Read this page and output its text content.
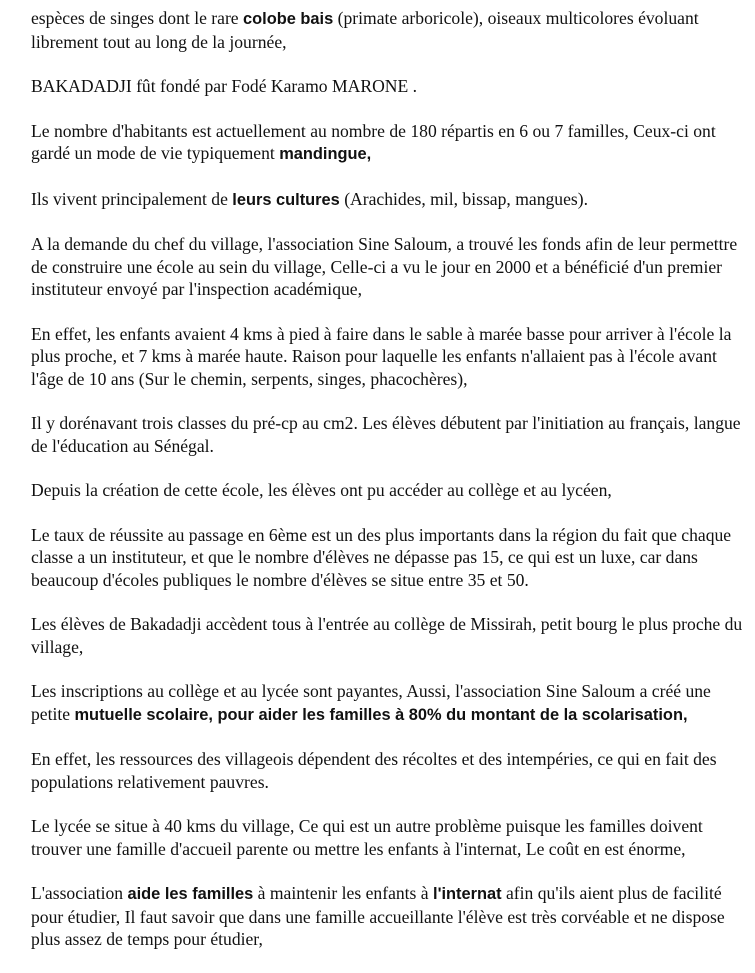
espèces de singes dont le rare colobe bais (primate arboricole), oiseaux multicolores évoluant librement tout au long de la journée,

BAKADADJI fût fondé par Fodé Karamo MARONE .

Le nombre d'habitants est actuellement au nombre de 180 répartis en 6 ou 7 familles, Ceux-ci ont gardé un mode de vie typiquement mandingue,

Ils vivent principalement de leurs cultures (Arachides, mil, bissap, mangues).

A la demande du chef du village, l'association Sine Saloum, a trouvé les fonds afin de leur permettre de construire une école au sein du village, Celle-ci a vu le jour en 2000 et a bénéficié d'un premier instituteur envoyé par l'inspection académique,

En effet, les enfants avaient 4 kms à pied à faire dans le sable à marée basse pour arriver à l'école la plus proche, et 7 kms à marée haute. Raison pour laquelle les enfants n'allaient pas à l'école avant l'âge de 10 ans (Sur le chemin, serpents, singes, phacochères),

Il y dorénavant trois classes du pré-cp au cm2. Les élèves débutent par l'initiation au français, langue de l'éducation au Sénégal.

Depuis la création de cette école, les élèves ont pu accéder au collège et au lycéen,

Le taux de réussite au passage en 6ème est un des plus importants dans la région du fait que chaque classe a un instituteur, et que le nombre d'élèves ne dépasse pas 15, ce qui est un luxe, car dans beaucoup d'écoles publiques le nombre d'élèves se situe entre 35 et 50.

Les élèves de Bakadadji accèdent tous à l'entrée au collège de Missirah, petit bourg le plus proche du village,

Les inscriptions au collège et au lycée sont payantes, Aussi, l'association Sine Saloum a créé une petite mutuelle scolaire, pour aider les familles à 80% du montant de la scolarisation,

En effet, les ressources des villageois dépendent des récoltes et des intempéries, ce qui en fait des populations relativement pauvres.

Le lycée se situe à 40 kms du village, Ce qui est un autre problème puisque les familles doivent trouver une famille d'accueil parente ou mettre les enfants à l'internat, Le coût en est énorme,

L'association aide les familles à maintenir les enfants à l'internat afin qu'ils aient plus de facilité pour étudier, Il faut savoir que dans une famille accueillante l'élève est très corvéable et ne dispose plus assez de temps pour étudier,
